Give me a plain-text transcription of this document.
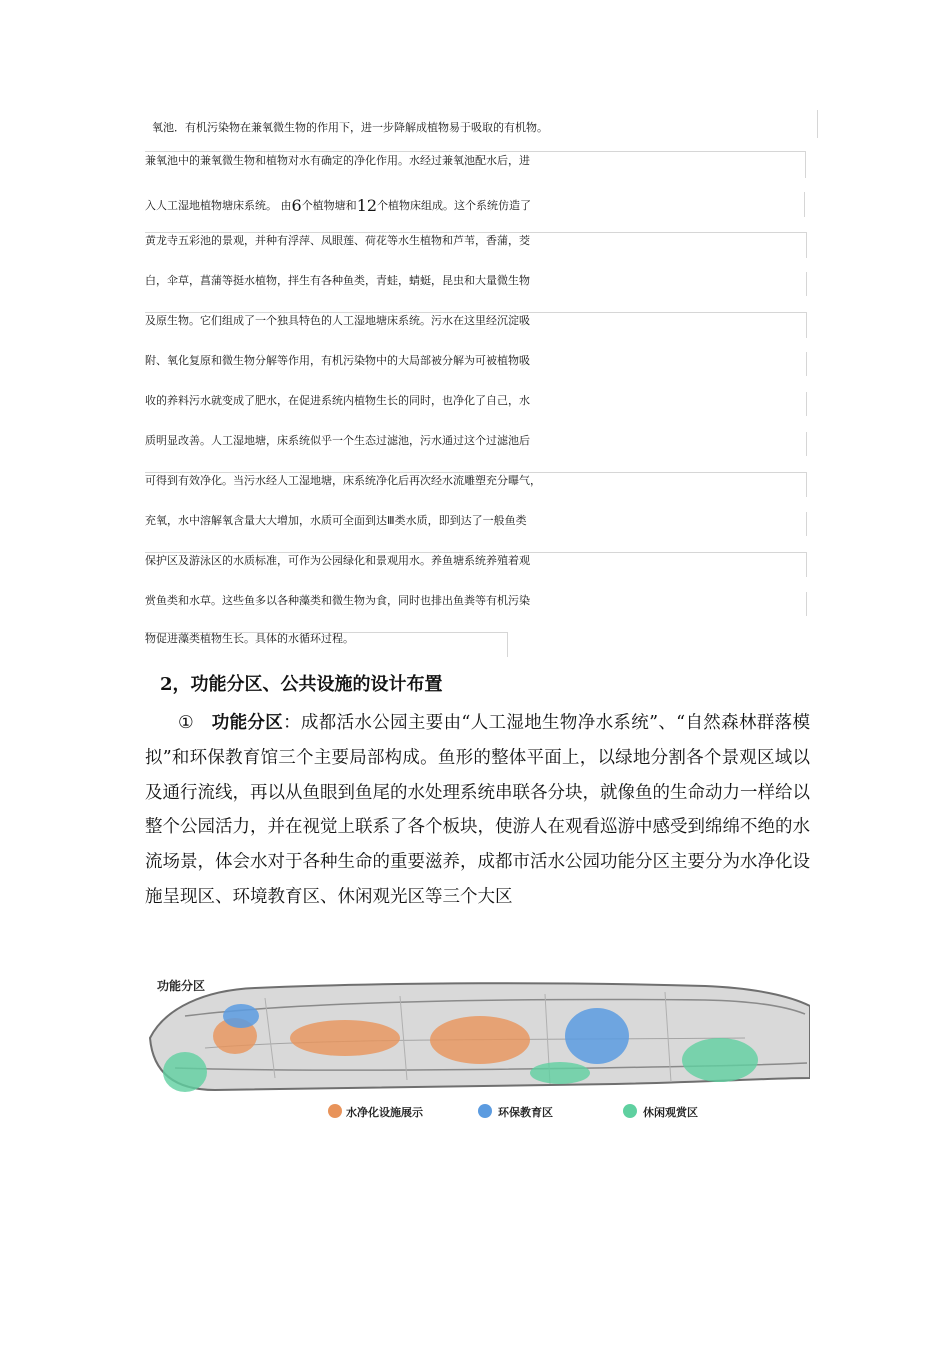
氧池．有机污染物在兼氧微生物的作用下，进一步降解成植物易于吸取的有机物。
兼氧池中的兼氧微生物和植物对水有确定的净化作用。水经过兼氧池配水后，进
入人工湿地植物塘床系统。 由6个植物塘和12个植物床组成。这个系统仿造了
黄龙寺五彩池的景观，并种有浮萍、凤眼莲、荷花等水生植物和芦苇，香蒲，茭
白，伞草，菖蒲等挺水植物，拌生有各种鱼类，青蛙，蜻蜓，昆虫和大量微生物
及原生物。它们组成了一个独具特色的人工湿地塘床系统。污水在这里经沉淀吸
附、氧化复原和微生物分解等作用，有机污染物中的大局部被分解为可被植物吸
收的养料污水就变成了肥水，在促进系统内植物生长的同时，也净化了自己，水
质明显改善。人工湿地塘，床系统似乎一个生态过滤池，污水通过这个过滤池后
可得到有效净化。当污水经人工湿地塘，床系统净化后再次经水流雕塑充分曝气，
充氧，水中溶解氧含量大大增加，水质可全面到达Ⅲ类水质，即到达了一般鱼类
保护区及游泳区的水质标准，可作为公园绿化和景观用水。养鱼塘系统养殖着观
赏鱼类和水草。这些鱼多以各种藻类和微生物为食，同时也排出鱼粪等有机污染
物促进藻类植物生长。具体的水循环过程。
2，功能分区、公共设施的设计布置
① 功能分区：成都活水公园主要由“人工湿地生物净水系统”、“自然森林群落模拟”和环保教育馆三个主要局部构成。鱼形的整体平面上，以绿地分割各个景观区域以及通行流线，再以从鱼眼到鱼尾的水处理系统串联各分块，就像鱼的生命动力一样给以整个公园活力，并在视觉上联系了各个板块，使游人在观看巡游中感受到绵绵不绝的水流场景，体会水对于各种生命的重要滋养，成都市活水公园功能分区主要分为水净化设施呈现区、环境教育区、休闲观光区等三个大区
水净化设施展示	环保教育区	休闲观赏区
功能分区
